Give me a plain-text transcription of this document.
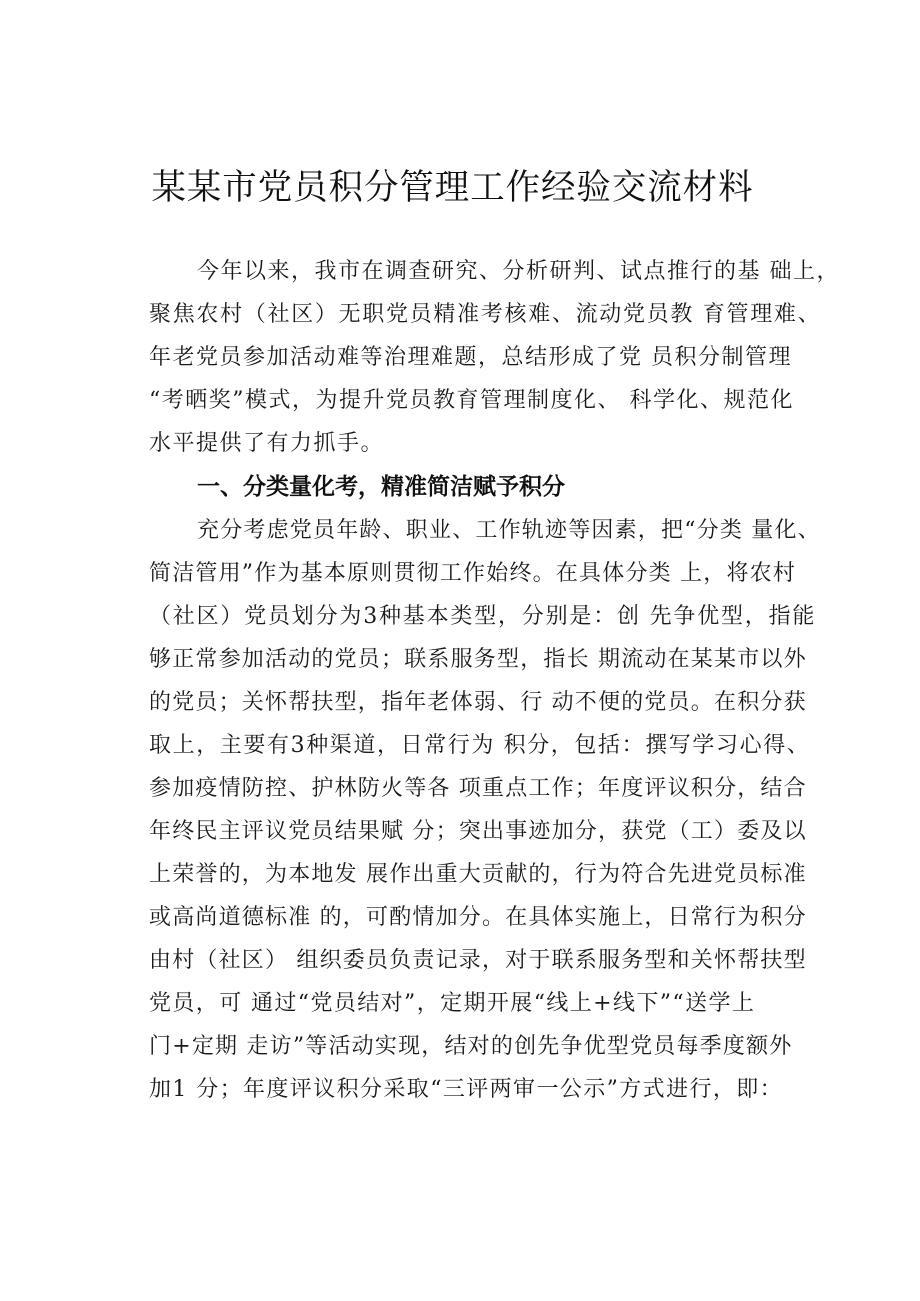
某某市党员积分管理工作经验交流材料
今年以来，我市在调查研究、分析研判、试点推行的基 础上，
聚焦农村（社区）无职党员精准考核难、流动党员教 育管理难、
年老党员参加活动难等治理难题，总结形成了党 员积分制管理
“考晒奖”模式，为提升党员教育管理制度化、 科学化、规范化
水平提供了有力抓手。
一、分类量化考，精准简洁赋予积分
充分考虑党员年龄、职业、工作轨迹等因素，把“分类 量化、
简洁管用”作为基本原则贯彻工作始终。在具体分类 上，将农村
（社区）党员划分为3种基本类型，分别是：创 先争优型，指能
够正常参加活动的党员；联系服务型，指长 期流动在某某市以外
的党员；关怀帮扶型，指年老体弱、行 动不便的党员。在积分获
取上，主要有3种渠道，日常行为 积分，包括：撰写学习心得、
参加疫情防控、护林防火等各 项重点工作；年度评议积分，结合
年终民主评议党员结果赋 分；突出事迹加分，获党（工）委及以
上荣誉的，为本地发 展作出重大贡献的，行为符合先进党员标准
或高尚道德标准 的，可酌情加分。在具体实施上，日常行为积分
由村（社区） 组织委员负责记录，对于联系服务型和关怀帮扶型
党员，可 通过“党员结对”，定期开展“线上+线下”“送学上
门+定期 走访”等活动实现，结对的创先争优型党员每季度额外
加1 分；年度评议积分采取“三评两审一公示”方式进行，即：
